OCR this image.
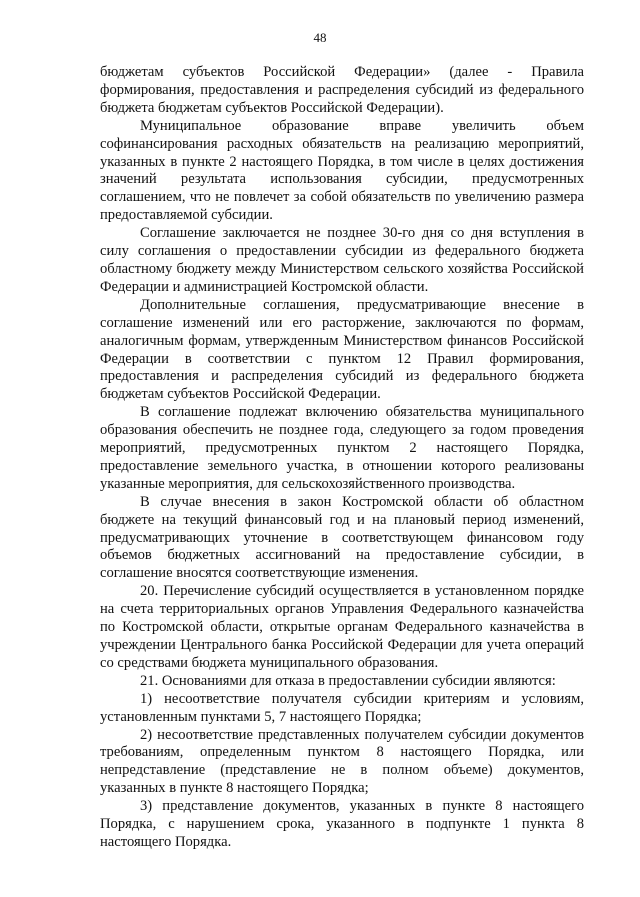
48

бюджетам субъектов Российской Федерации» (далее - Правила формирования, предоставления и распределения субсидий из федерального бюджета бюджетам субъектов Российской Федерации).

Муниципальное образование вправе увеличить объем софинансирования расходных обязательств на реализацию мероприятий, указанных в пункте 2 настоящего Порядка, в том числе в целях достижения значений результата использования субсидии, предусмотренных соглашением, что не повлечет за собой обязательств по увеличению размера предоставляемой субсидии.

Соглашение заключается не позднее 30-го дня со дня вступления в силу соглашения о предоставлении субсидии из федерального бюджета областному бюджету между Министерством сельского хозяйства Российской Федерации и администрацией Костромской области.

Дополнительные соглашения, предусматривающие внесение в соглашение изменений или его расторжение, заключаются по формам, аналогичным формам, утвержденным Министерством финансов Российской Федерации в соответствии с пунктом 12 Правил формирования, предоставления и распределения субсидий из федерального бюджета бюджетам субъектов Российской Федерации.

В соглашение подлежат включению обязательства муниципального образования обеспечить не позднее года, следующего за годом проведения мероприятий, предусмотренных пунктом 2 настоящего Порядка, предоставление земельного участка, в отношении которого реализованы указанные мероприятия, для сельскохозяйственного производства.

В случае внесения в закон Костромской области об областном бюджете на текущий финансовый год и на плановый период изменений, предусматривающих уточнение в соответствующем финансовом году объемов бюджетных ассигнований на предоставление субсидии, в соглашение вносятся соответствующие изменения.

20. Перечисление субсидий осуществляется в установленном порядке на счета территориальных органов Управления Федерального казначейства по Костромской области, открытые органам Федерального казначейства в учреждении Центрального банка Российской Федерации для учета операций со средствами бюджета муниципального образования.

21. Основаниями для отказа в предоставлении субсидии являются:

1) несоответствие получателя субсидии критериям и условиям, установленным пунктами 5, 7 настоящего Порядка;

2) несоответствие представленных получателем субсидии документов требованиям, определенным пунктом 8 настоящего Порядка, или непредставление (представление не в полном объеме) документов, указанных в пункте 8 настоящего Порядка;

3) представление документов, указанных в пункте 8 настоящего Порядка, с нарушением срока, указанного в подпункте 1 пункта 8 настоящего Порядка.
